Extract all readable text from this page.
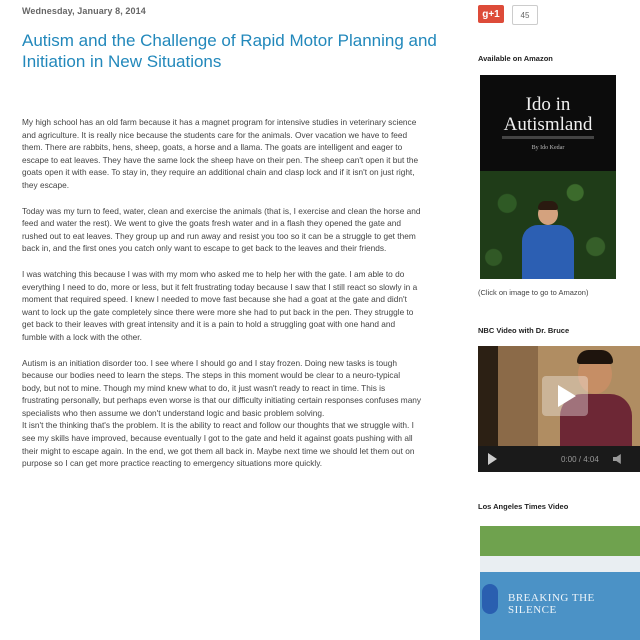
Wednesday, January 8, 2014
Autism and the Challenge of Rapid Motor Planning and Initiation in New Situations

My high school has an old farm because it has a magnet program for intensive studies in veterinary science and agriculture. It is really nice because the students care for the animals. Over vacation we have to feed them. There are rabbits, hens, sheep, goats, a horse and a llama. The goats are intelligent and eager to escape to eat leaves. They have the same lock the sheep have on their pen. The sheep can't open it but the goats open it with ease. To stay in, they require an additional chain and clasp lock and if it isn't on just right, they escape.

Today was my turn to feed, water, clean and exercise the animals (that is, I exercise and clean the horse and feed and water the rest). We went to give the goats fresh water and in a flash they opened the gate and rushed out to eat leaves. They group up and run away and resist you too so it can be a struggle to get them back in, and the first ones you catch only want to escape to get back to the leaves and their friends.

I was watching this because I was with my mom who asked me to help her with the gate. I am able to do everything I need to do, more or less, but it felt frustrating today because I saw that I still react so slowly in a moment that required speed. I knew I needed to move fast because she had a goat at the gate and didn't want to lock up the gate completely since there were more she had to put back in the pen. They struggle to get back to their leaves with great intensity and it is a pain to hold a struggling goat with one hand and fumble with a lock with the other.

Autism is an initiation disorder too. I see where I should go and I stay frozen. Doing new tasks is tough because our bodies need to learn the steps. The steps in this moment would be clear to a neuro-typical body, but not to mine. Though my mind knew what to do, it just wasn't ready to react in time. This is frustrating personally, but perhaps even worse is that our difficulty initiating certain responses confuses many specialists who then assume we don't understand logic and basic problem solving.

It isn't the thinking that's the problem. It is the ability to react and follow our thoughts that we struggle with. I see my skills have improved, because eventually I got to the gate and held it against goats pushing with all their might to escape again. In the end, we got them all back in. Maybe next time we should let them out on purpose so I can get more practice reacting to emergency situations more quickly.

g+1	45
Available on Amazon
Ido in Autismland
By Ido Kedar
(Click on image to go to Amazon)
NBC Video with Dr. Bruce
0:00 / 4:04
Los Angeles Times Video
BREAKING THE SILENCE
